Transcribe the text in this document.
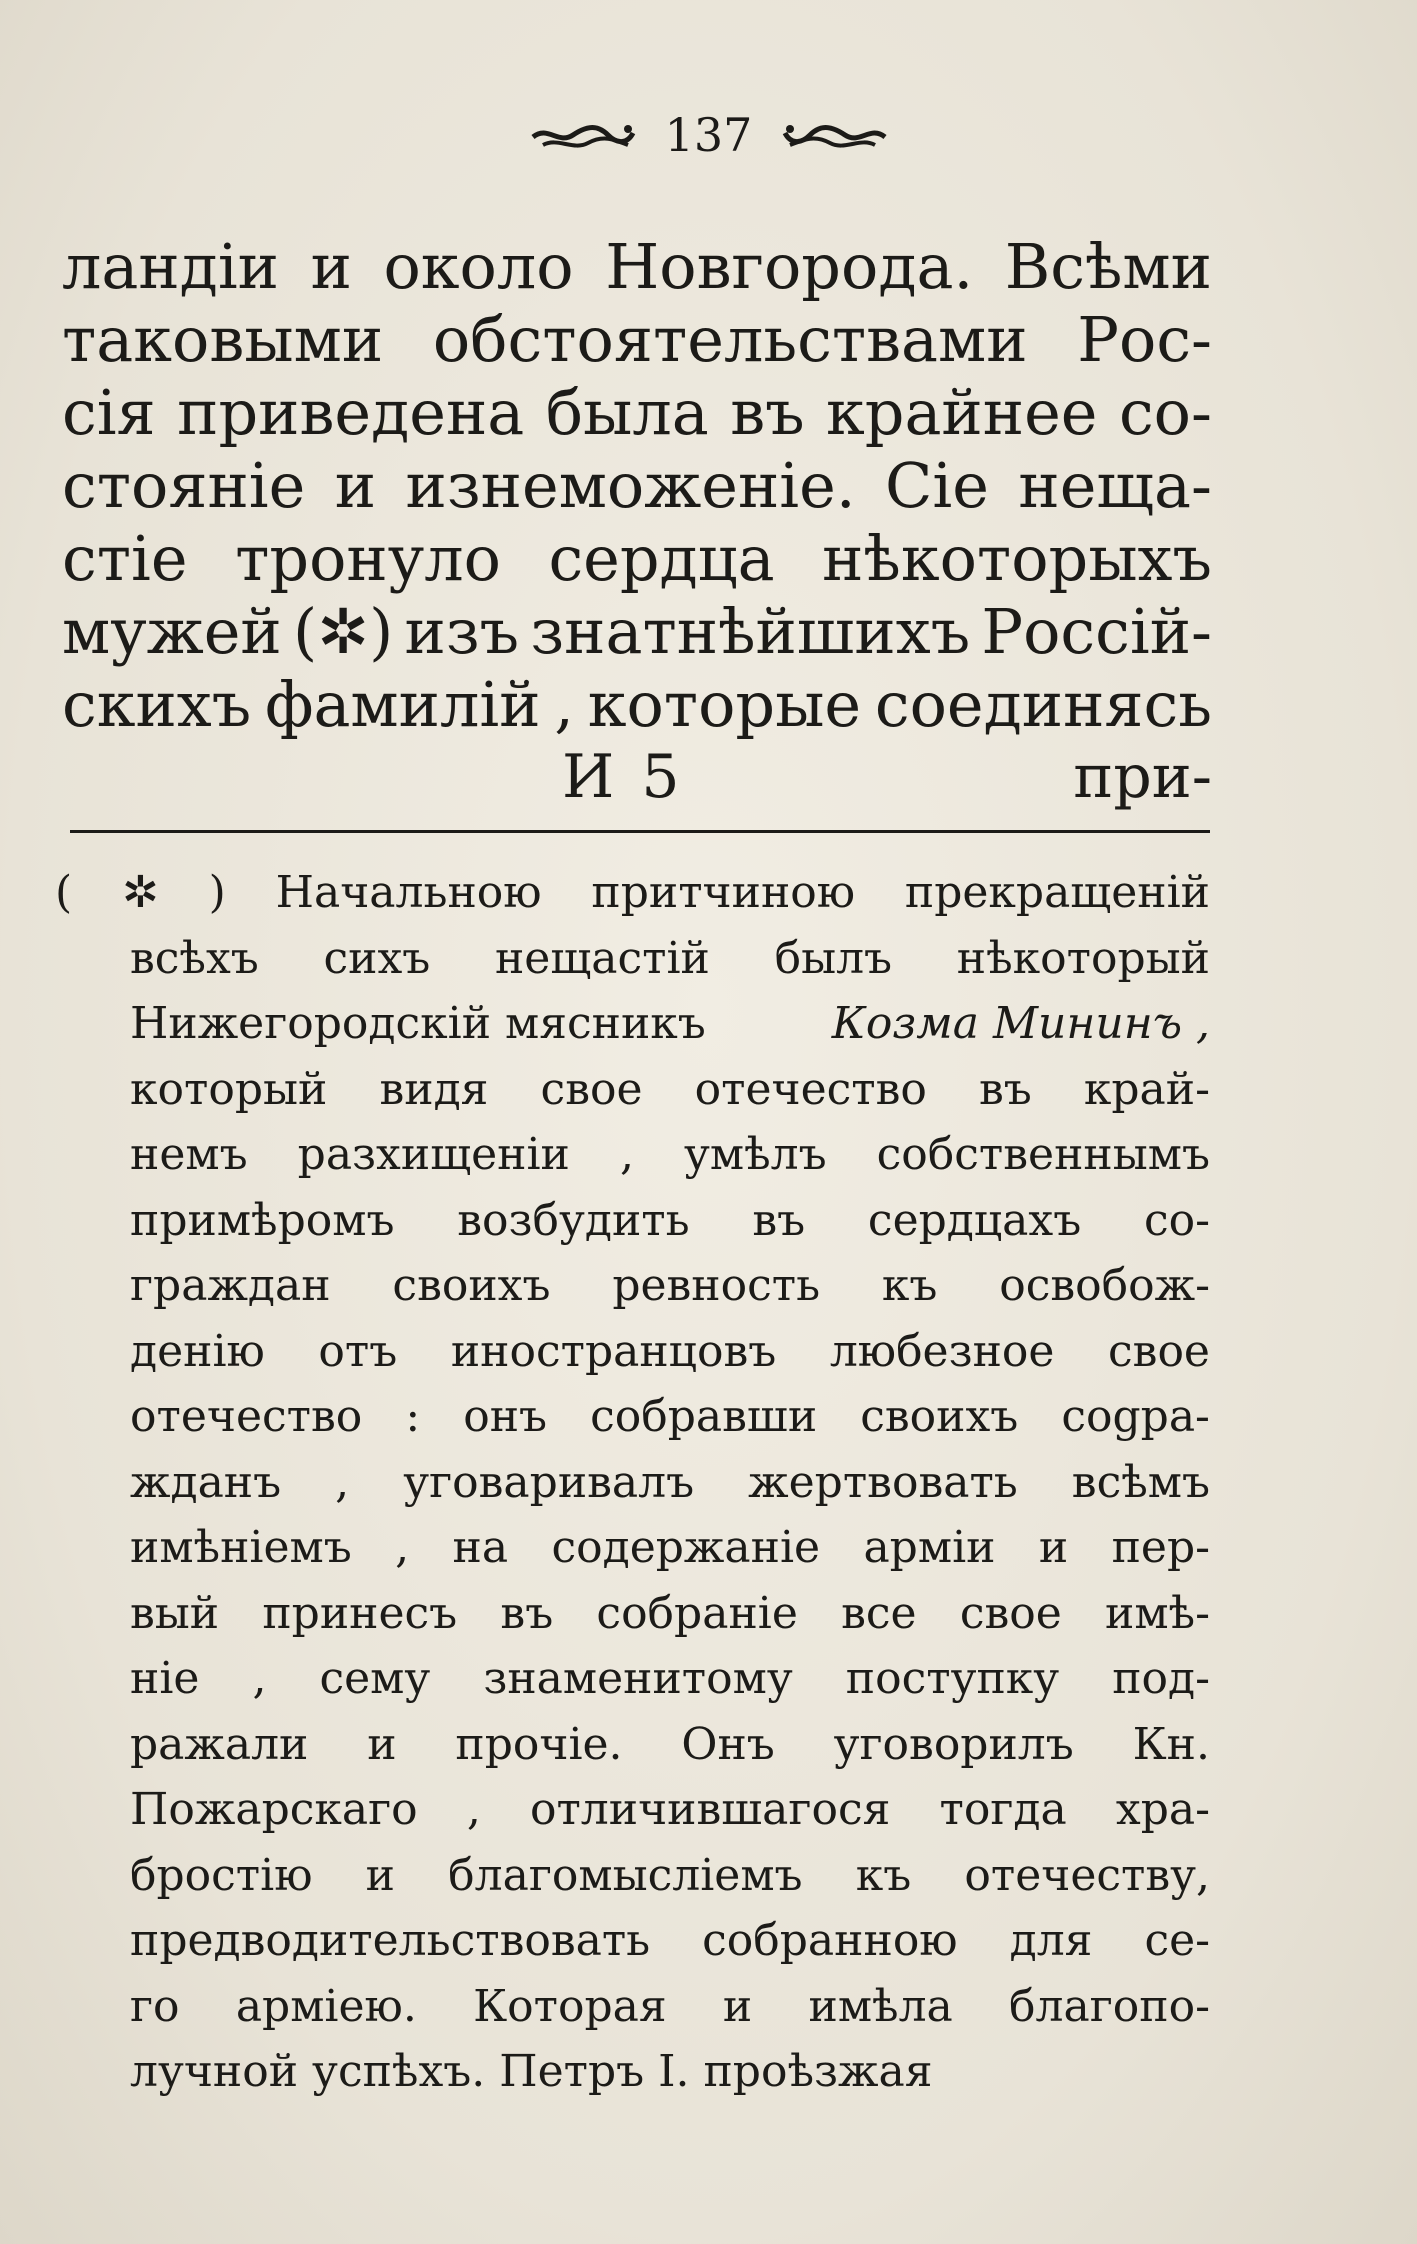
137
ландіи и около Новгорода. Всѣми
таковыми обстоятельствами Рос-
сія приведена была въ крайнее со-
стояніе и изнеможеніе. Сіе нещa-
стіе тронуло сердца нѣкоторыхъ
мужей (✲) изъ знатнѣйшихъ Россій-
скихъ фамилій , которые соединясь
И 5	при-
( ✲ ) Начальною притчиною прекращеній
всѣхъ сихъ нещастій былъ нѣкоторый
Нижегородскій мясникъ	Козма Мининъ ,
который видя свое отечество въ край-
немъ разхищеніи , умѣлъ собственнымъ
примѣромъ возбудить въ сердцахъ со-
граждан своихъ ревность къ освобож-
денію отъ иностранцовъ любезное свое
отечество : онъ собравши своихъ сogра-
жданъ , уговаривалъ жертвовать всѣмъ
имѣніемъ , на содержаніе арміи и пер-
вый принесъ въ собраніе все свое имѣ-
ніе , сему знаменитому поступку под-
ражали и прочіе. Онъ уговорилъ Кн.
Пожарскаго , отличившагося тогда хра-
бростію и благомысліемъ къ отечеству,
предводительствовать собранною для се-
го арміею. Которая и имѣла благопо-
лучной успѣхъ. Петръ I. проѣзжая
